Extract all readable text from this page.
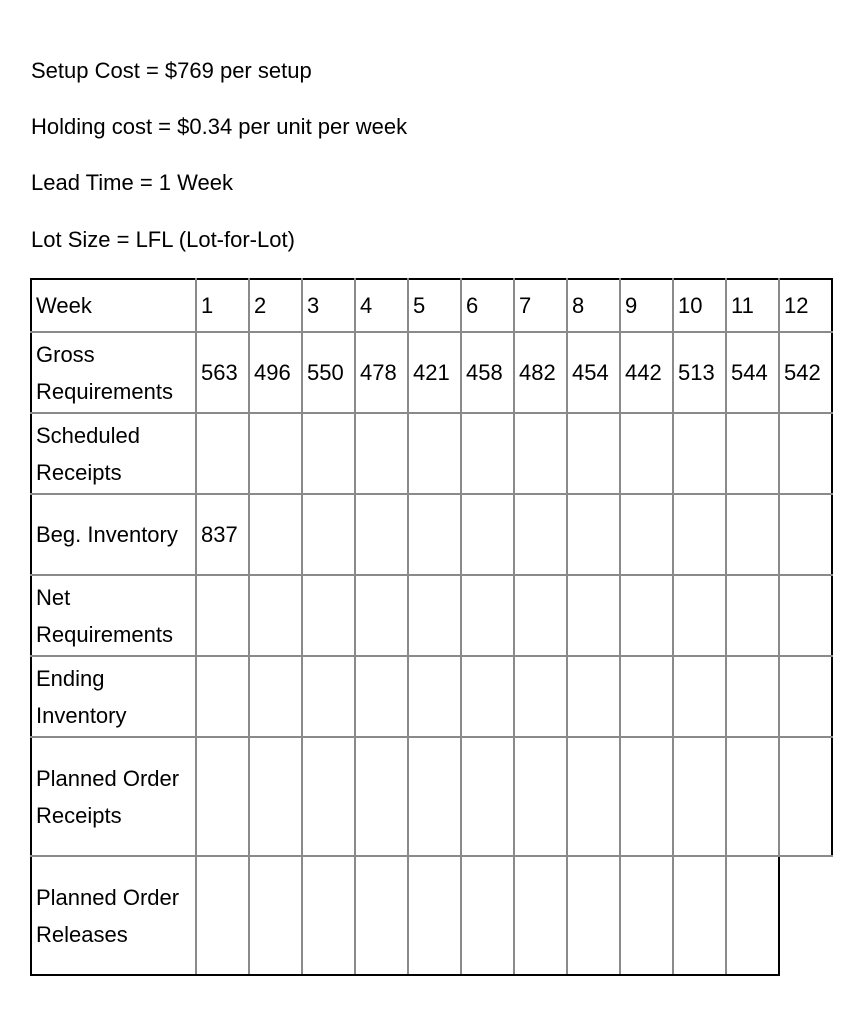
Setup Cost = $769 per setup

Holding cost = $0.34 per unit per week

Lead Time = 1 Week

Lot Size = LFL (Lot-for-Lot)

Week	1	2	3	4	5	6	7	8	9	10	11	12
Gross Requirements	563	496	550	478	421	458	482	454	442	513	544	542
Scheduled Receipts												
Beg. Inventory	837											
Net Requirements												
Ending Inventory												
Planned Order Receipts												
Planned Order Releases												
